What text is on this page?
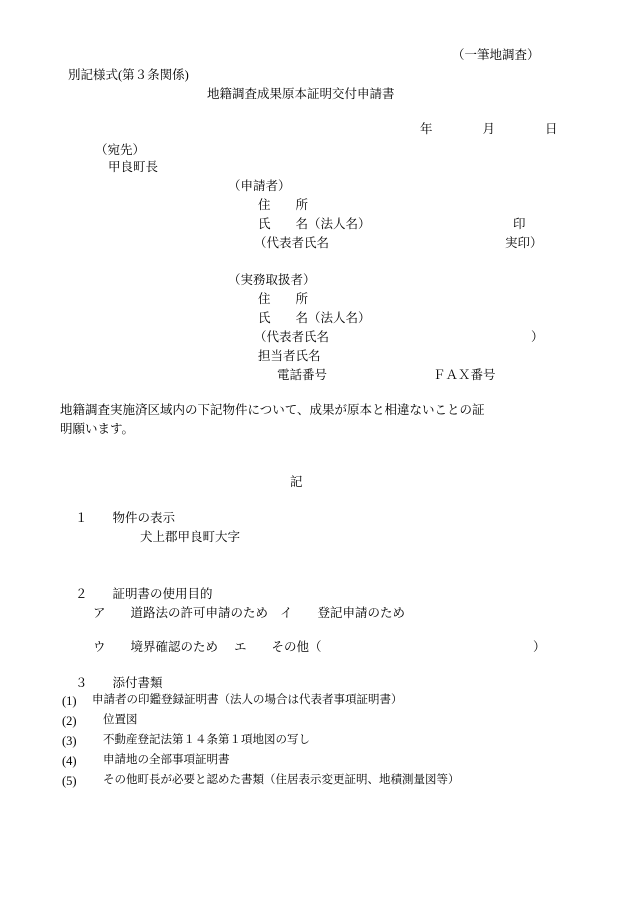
（一筆地調査）
別記様式(第３条関係)
地籍調査成果原本証明交付申請書
年　　　　月　　　　日
（宛先）
甲良町長
（申請者）
住　　所
氏　　名（法人名）	印
（代表者氏名	実印）
（実務取扱者）
住　　所
氏　　名（法人名）
（代表者氏名	）
担当者氏名
電話番号	ＦＡＸ番号
地籍調査実施済区域内の下記物件について、成果が原本と相違ないことの証
明願います。
記
１　　 物件の表示
犬上郡甲良町大字
２　　 証明書の使用目的
ア　　道路法の許可申請のため イ　　登記申請のため
ウ　　境界確認のため エ　　その他（	）
３　　 添付書類
(1) 申請者の印鑑登録証明書（法人の場合は代表者事項証明書）
(2) 位置図
(3) 不動産登記法第１４条第１項地図の写し
(4) 申請地の全部事項証明書
(5) その他町長が必要と認めた書類（住居表示変更証明、地積測量図等）
